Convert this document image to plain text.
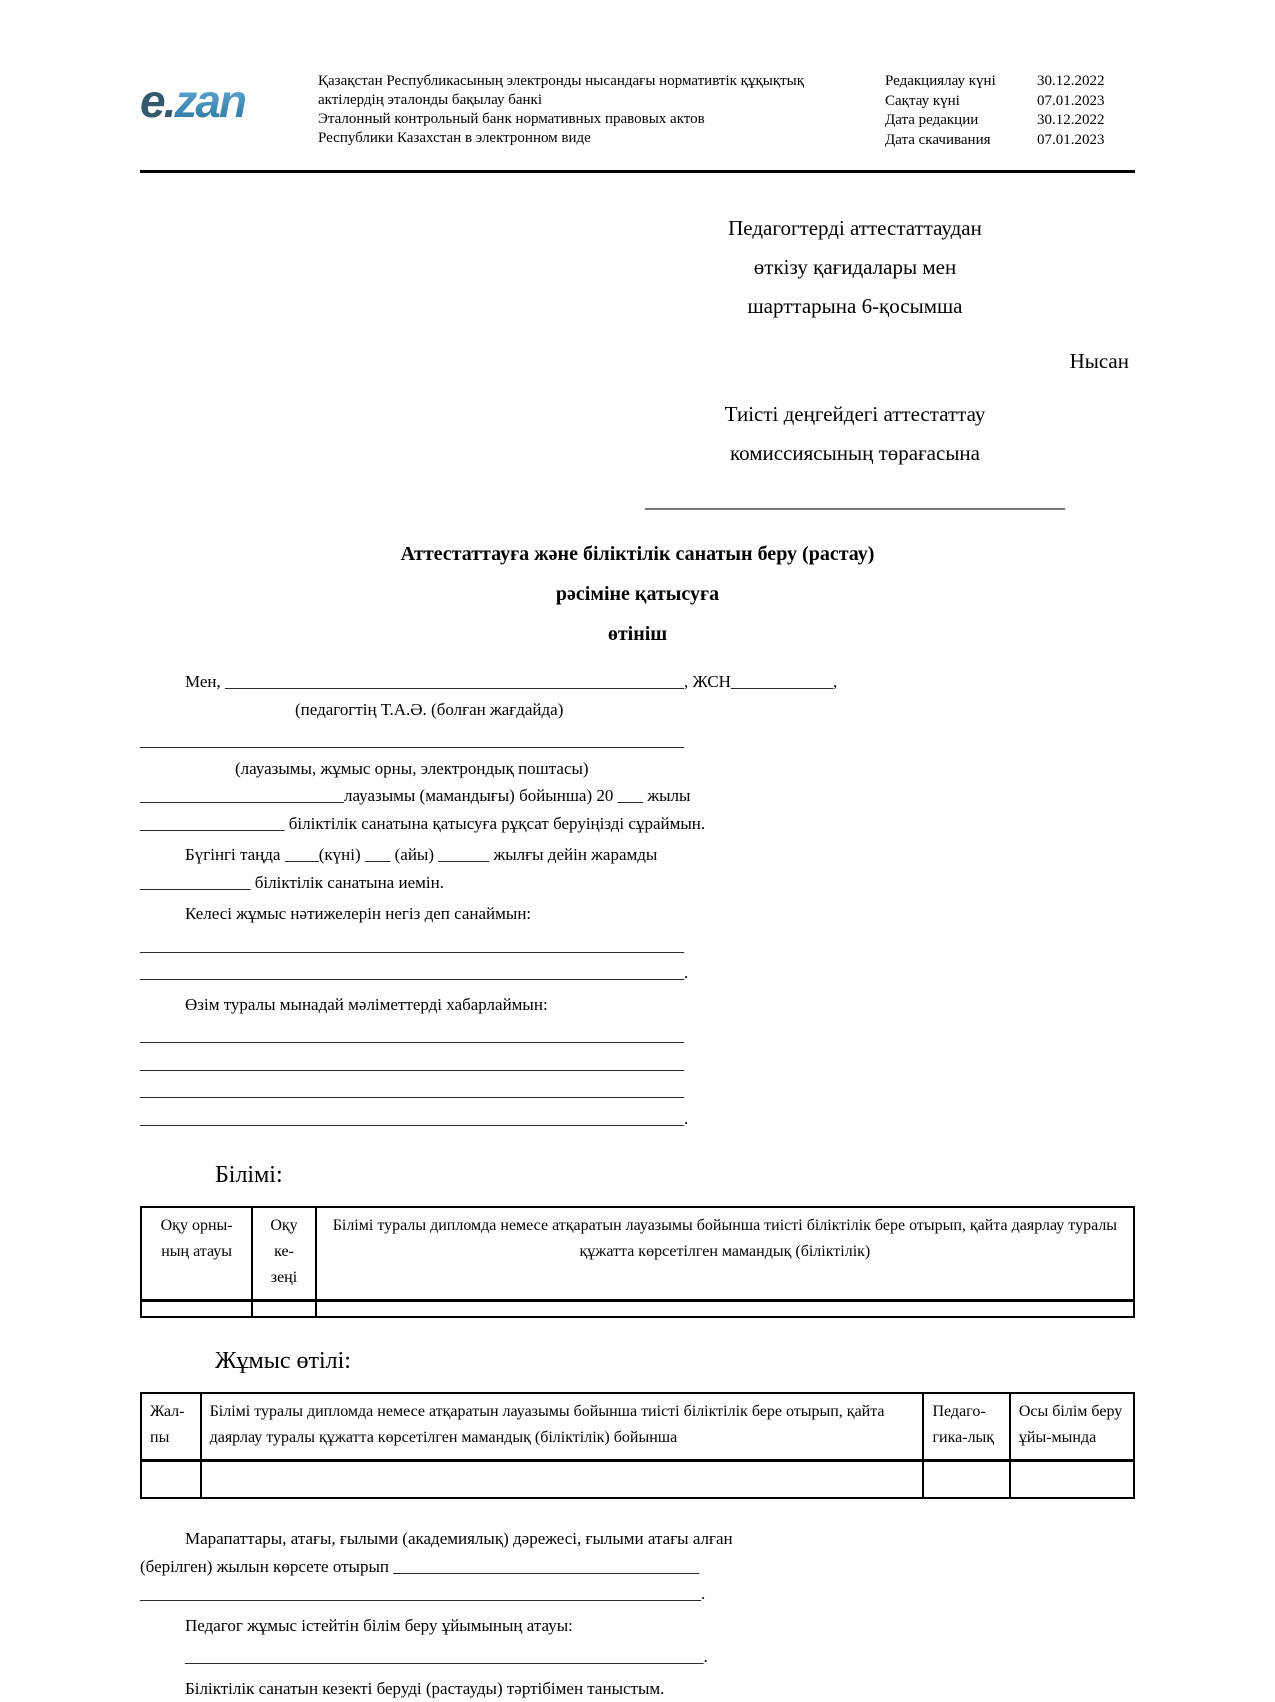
e.zan	Қазақстан Республикасының электронды нысандағы нормативтік құқықтық
актілердің эталонды бақылау банкі
Эталонный контрольный банк нормативных правовых актов
Республики Казахстан в электронном виде
Редакциялау күні	30.12.2022
Сақтау күні	07.01.2023
Дата редакции	30.12.2022
Дата скачивания	07.01.2023
Педагогтерді аттестаттаудан
өткізу қағидалары мен
шарттарына 6-қосымша
Нысан
Тиісті деңгейдегі аттестаттау
комиссиясының төрағасына
________________________________________
Аттестаттауға және біліктілік санатын беру (растау)
рәсіміне қатысуға
өтініш
Мен, ______________________________________________________, ЖСН____________,
(педагогтің Т.А.Ә. (болған жағдайда)
________________________________________________________________
(лауазымы, жұмыс орны, электрондық поштасы)
________________________лауазымы (мамандығы) бойынша) 20 ___ жылы
_________________ біліктілік санатына қатысуға рұқсат беруіңізді сұраймын.
Бүгінгі таңда ____(күні) ___ (айы) ______ жылғы дейін жарамды
_____________ біліктілік санатына иемін.
Келесі жұмыс нәтижелерін негіз деп санаймын:
________________________________________________________________
________________________________________________________________.
Өзім туралы мынадай мәліметтерді хабарлаймын:
________________________________________________________________
________________________________________________________________
________________________________________________________________
________________________________________________________________.
Білімі:
Оқу орны-ның атауы	Оқу ке-зеңі	Білімі туралы дипломда немесе атқаратын лауазымы бойынша тиісті біліктілік бере отырып, қайта даярлау туралы құжатта көрсетілген мамандық (біліктілік)

Жұмыс өтілі:
Жал-пы	Білімі туралы дипломда немесе атқаратын лауазымы бойынша тиісті біліктілік бере отырып, қайта даярлау туралы құжатта көрсетілген мамандық (біліктілік) бойынша	Педаго-гика-лық	Осы білім беру ұйы-мында

Марапаттары, атағы, ғылыми (академиялық) дәрежесі, ғылыми атағы алған
(берілген) жылын көрсете отырып ____________________________________
__________________________________________________________________.
Педагог жұмыс істейтін білім беру ұйымының атауы:
_____________________________________________________________.
Біліктілік санатын кезекті беруді (растауды) тәртібімен таныстым.
